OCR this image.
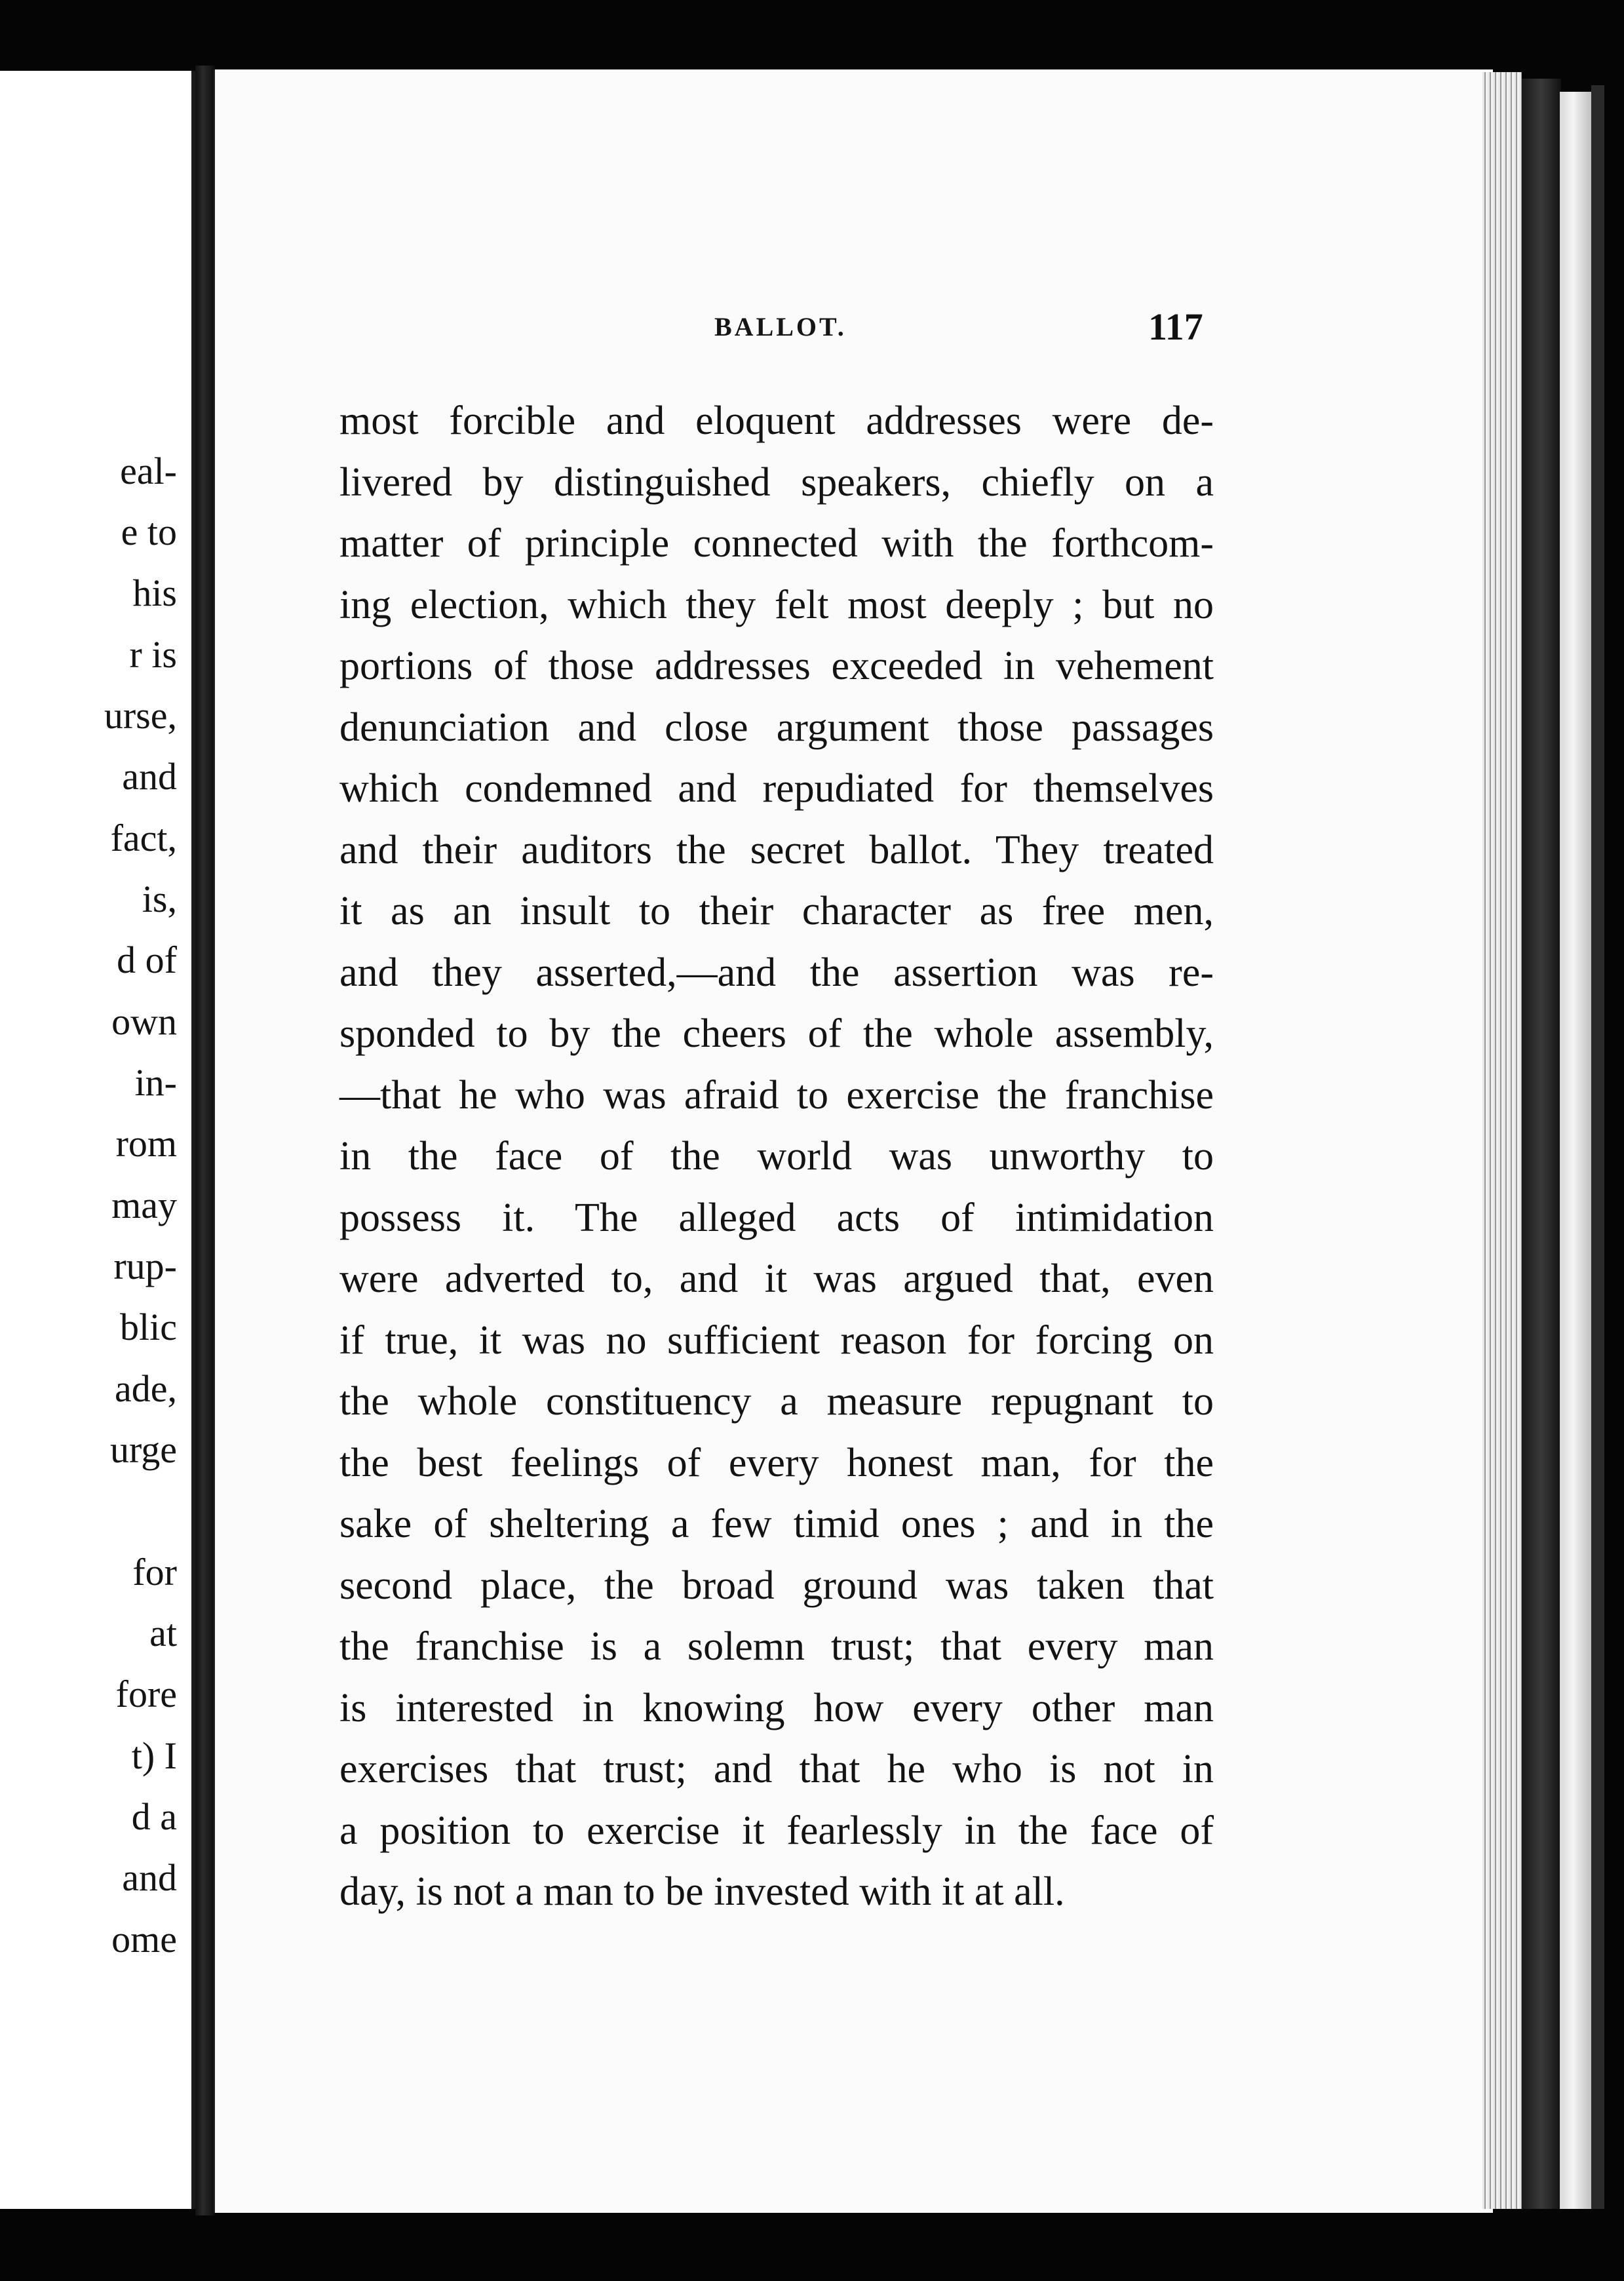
eal-
e to
his
r is
urse,
and
fact,
is,
d of
own
in-
rom
may
rup-
blic
ade,
urge
for
at
fore
t) I
d a
and
ome
BALLOT.	117
most forcible and eloquent addresses were de-
livered by distinguished speakers, chiefly on a
matter of principle connected with the forthcom-
ing election, which they felt most deeply ; but no
portions of those addresses exceeded in vehement
denunciation and close argument those passages
which condemned and repudiated for themselves
and their auditors the secret ballot. They treated
it as an insult to their character as free men,
and they asserted,—and the assertion was re-
sponded to by the cheers of the whole assembly,
—that he who was afraid to exercise the franchise
in the face of the world was unworthy to
possess it. The alleged acts of intimidation
were adverted to, and it was argued that, even
if true, it was no sufficient reason for forcing on
the whole constituency a measure repugnant to
the best feelings of every honest man, for the
sake of sheltering a few timid ones ; and in the
second place, the broad ground was taken that
the franchise is a solemn trust; that every man
is interested in knowing how every other man
exercises that trust; and that he who is not in
a position to exercise it fearlessly in the face of
day, is not a man to be invested with it at all.
